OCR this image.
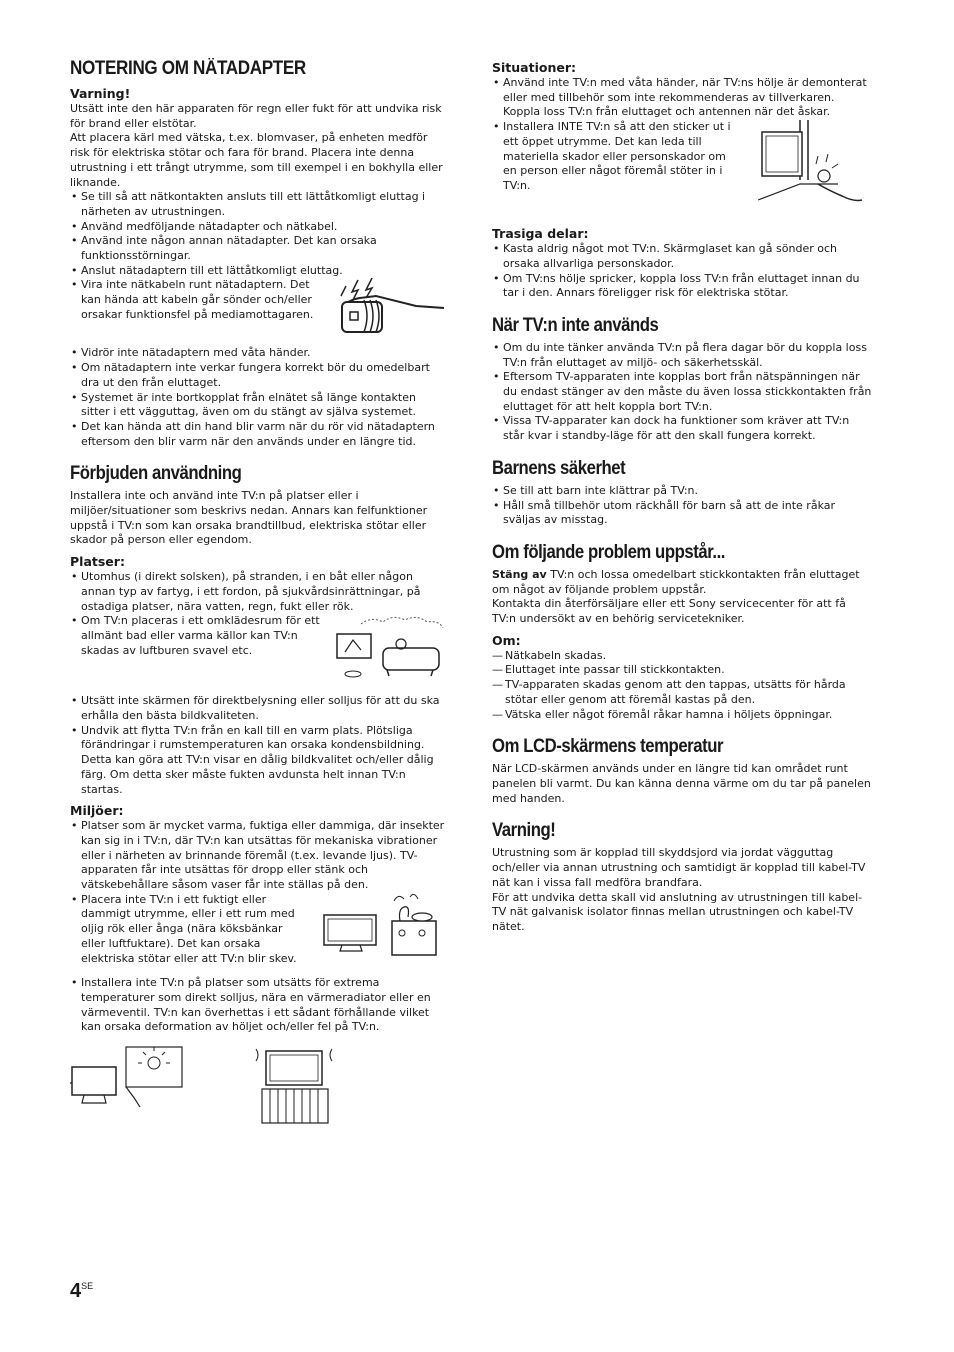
NOTERING OM NÄTADAPTER
Varning!

Utsätt inte den här apparaten för regn eller fukt för att undvika risk för brand eller elstötar.

Att placera kärl med vätska, t.ex. blomvaser, på enheten medför risk för elektriska stötar och fara för brand. Placera inte denna utrustning i ett trångt utrymme, som till exempel i en bokhylla eller liknande.

• Se till så att nätkontakten ansluts till ett lättåtkomligt eluttag i närheten av utrustningen.
• Använd medföljande nätadapter och nätkabel.
• Använd inte någon annan nätadapter. Det kan orsaka funktionsstörningar.
• Anslut nätadaptern till ett lättåtkomligt eluttag.
• Vira inte nätkabeln runt nätadaptern. Det kan hända att kabeln går sönder och/eller orsakar funktionsfel på mediamottagaren.
• Vidrör inte nätadaptern med våta händer.
• Om nätadaptern inte verkar fungera korrekt bör du omedelbart dra ut den från eluttaget.
• Systemet är inte bortkopplat från elnätet så länge kontakten sitter i ett vägguttag, även om du stängt av själva systemet.
• Det kan hända att din hand blir varm när du rör vid nätadaptern eftersom den blir varm när den används under en längre tid.
Förbjuden användning

Installera inte och använd inte TV:n på platser eller i miljöer/situationer som beskrivs nedan. Annars kan felfunktioner uppstå i TV:n som kan orsaka brandtillbud, elektriska stötar eller skador på person eller egendom.

Platser:
• Utomhus (i direkt solsken), på stranden, i en båt eller någon annan typ av fartyg, i ett fordon, på sjukvårdsinrättningar, på ostadiga platser, nära vatten, regn, fukt eller rök.
• Om TV:n placeras i ett omklädesrum för ett allmänt bad eller varma källor kan TV:n skadas av luftburen svavel etc.
• Utsätt inte skärmen för direktbelysning eller solljus för att du ska erhålla den bästa bildkvaliteten.
• Undvik att flytta TV:n från en kall till en varm plats. Plötsliga förändringar i rumstemperaturen kan orsaka kondensbildning. Detta kan göra att TV:n visar en dålig bildkvalitet och/eller dålig färg. Om detta sker måste fukten avdunsta helt innan TV:n startas.
Miljöer:
• Platser som är mycket varma, fuktiga eller dammiga, där insekter kan sig in i TV:n, där TV:n kan utsättas för mekaniska vibrationer eller i närheten av brinnande föremål (t.ex. levande ljus). TV-apparaten får inte utsättas för dropp eller stänk och vätskebehållare såsom vaser får inte ställas på den.
• Placera inte TV:n i ett fuktigt eller dammigt utrymme, eller i ett rum med oljig rök eller ånga (nära köksbänkar eller luftfuktare). Det kan orsaka elektriska stötar eller att TV:n blir skev.
• Installera inte TV:n på platser som utsätts för extrema temperaturer som direkt solljus, nära en värmeradiator eller en värmeventil. TV:n kan överhettas i ett sådant förhållande vilket kan orsaka deformation av höljet och/eller fel på TV:n.
Situationer:
• Använd inte TV:n med våta händer, när TV:ns hölje är demonterat eller med tillbehör som inte rekommenderas av tillverkaren. Koppla loss TV:n från eluttaget och antennen när det åskar.
• Installera INTE TV:n så att den sticker ut i ett öppet utrymme. Det kan leda till materiella skador eller personskador om en person eller något föremål stöter in i TV:n.
Trasiga delar:
• Kasta aldrig något mot TV:n. Skärmglaset kan gå sönder och orsaka allvarliga personskador.
• Om TV:ns hölje spricker, koppla loss TV:n från eluttaget innan du tar i den. Annars föreligger risk för elektriska stötar.
När TV:n inte används
• Om du inte tänker använda TV:n på flera dagar bör du koppla loss TV:n från eluttaget av miljö- och säkerhetsskäl.
• Eftersom TV-apparaten inte kopplas bort från nätspänningen när du endast stänger av den måste du även lossa stickkontakten från eluttaget för att helt koppla bort TV:n.
• Vissa TV-apparater kan dock ha funktioner som kräver att TV:n står kvar i standby-läge för att den skall fungera korrekt.
Barnens säkerhet
• Se till att barn inte klättrar på TV:n.
• Håll små tillbehör utom räckhåll för barn så att de inte råkar sväljas av misstag.
Om följande problem uppstår...

Stäng av TV:n och lossa omedelbart stickkontakten från eluttaget om något av följande problem uppstår.

Kontakta din återförsäljare eller ett Sony servicecenter för att få TV:n undersökt av en behörig servicetekniker.

Om:
— Nätkabeln skadas.
— Eluttaget inte passar till stickkontakten.
— TV-apparaten skadas genom att den tappas, utsätts för hårda stötar eller genom att föremål kastas på den.
— Vätska eller något föremål råkar hamna i höljets öppningar.
Om LCD-skärmens temperatur

När LCD-skärmen används under en längre tid kan området runt panelen bli varmt. Du kan känna denna värme om du tar på panelen med handen.

Varning!

Utrustning som är kopplad till skyddsjord via jordat vägguttag och/eller via annan utrustning och samtidigt är kopplad till kabel-TV nät kan i vissa fall medföra brandfara.

För att undvika detta skall vid anslutning av utrustningen till kabel-TV nät galvanisk isolator finnas mellan utrustningen och kabel-TV nätet.

$4^{SE}$
